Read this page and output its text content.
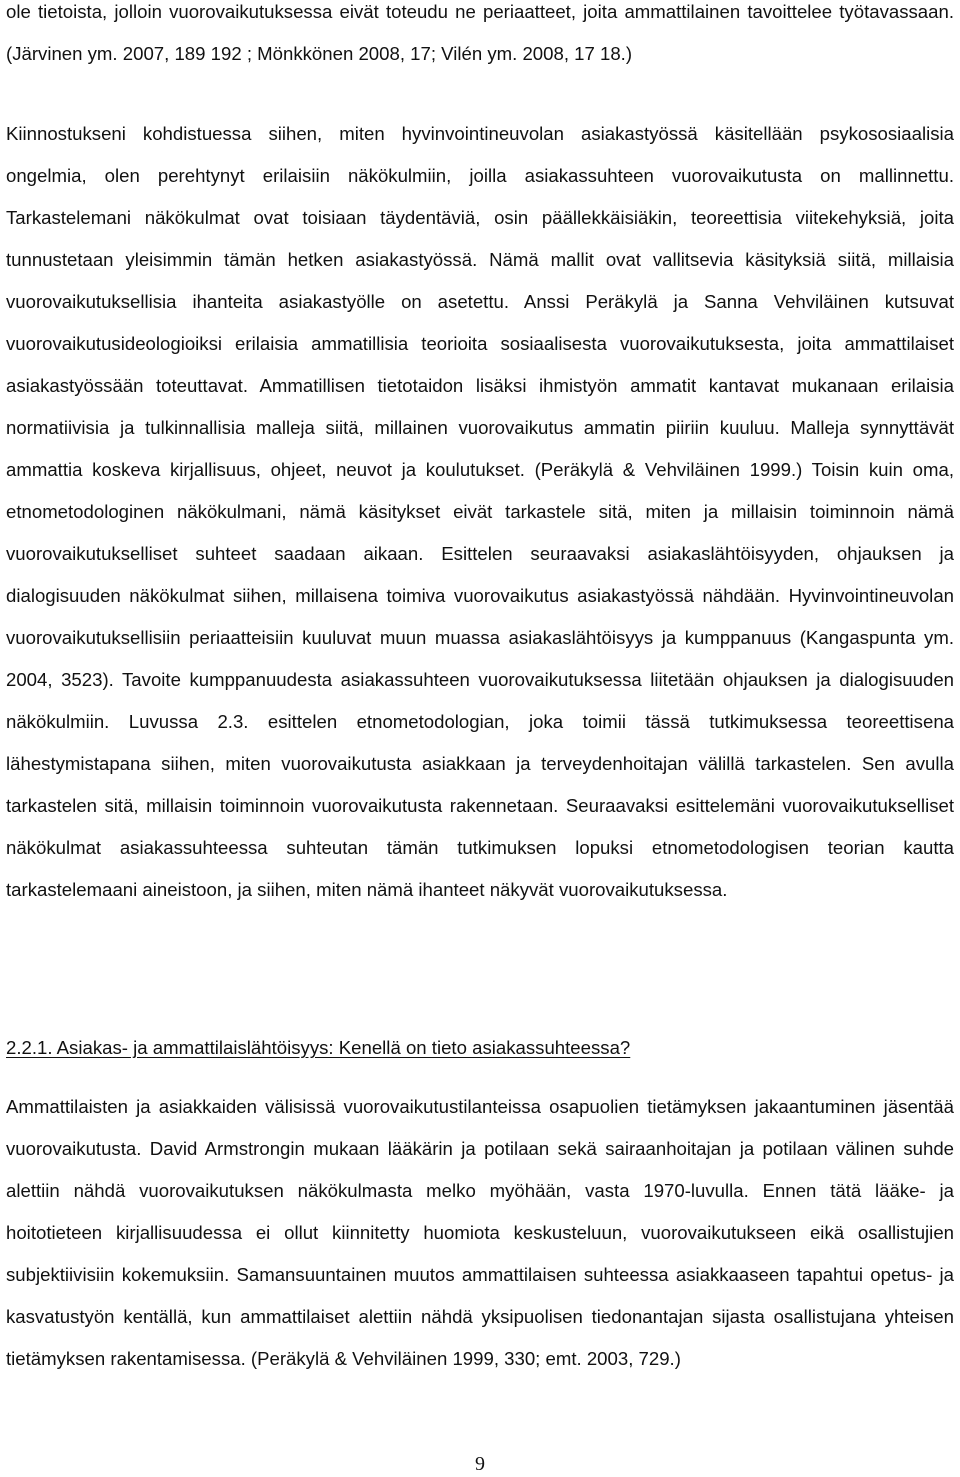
ole tietoista, jolloin vuorovaikutuksessa eivät toteudu ne periaatteet, joita ammattilainen tavoittelee työtavassaan. (Järvinen ym. 2007, 189 192 ; Mönkkönen 2008, 17; Vilén ym. 2008, 17 18.)

Kiinnostukseni kohdistuessa siihen, miten hyvinvointineuvolan asiakastyössä käsitellään psykososiaalisia ongelmia, olen perehtynyt erilaisiin näkökulmiin, joilla asiakassuhteen vuorovaikutusta on mallinnettu. Tarkastelemani näkökulmat ovat toisiaan täydentäviä, osin päällekkäisiäkin, teoreettisia viitekehyksiä, joita tunnustetaan yleisimmin tämän hetken asiakastyössä. Nämä mallit ovat vallitsevia käsityksiä siitä, millaisia vuorovaikutuksellisia ihanteita asiakastyölle on asetettu. Anssi Peräkylä ja Sanna Vehviläinen kutsuvat vuorovaikutusideologioiksi erilaisia ammatillisia teorioita sosiaalisesta vuorovaikutuksesta, joita ammattilaiset asiakastyössään toteuttavat. Ammatillisen tietotaidon lisäksi ihmistyön ammatit kantavat mukanaan erilaisia normatiivisia ja tulkinnallisia malleja siitä, millainen vuorovaikutus ammatin piiriin kuuluu. Malleja synnyttävät ammattia koskeva kirjallisuus, ohjeet, neuvot ja koulutukset. (Peräkylä & Vehviläinen 1999.) Toisin kuin oma, etnometodologinen näkökulmani, nämä käsitykset eivät tarkastele sitä, miten ja millaisin toiminnoin nämä vuorovaikutukselliset suhteet saadaan aikaan. Esittelen seuraavaksi asiakaslähtöisyyden, ohjauksen ja dialogisuuden näkökulmat siihen, millaisena toimiva vuorovaikutus asiakastyössä nähdään. Hyvinvointineuvolan vuorovaikutuksellisiin periaatteisiin kuuluvat muun muassa asiakaslähtöisyys ja kumppanuus (Kangaspunta ym. 2004, 3523). Tavoite kumppanuudesta asiakassuhteen vuorovaikutuksessa liitetään ohjauksen ja dialogisuuden näkökulmiin. Luvussa 2.3. esittelen etnometodologian, joka toimii tässä tutkimuksessa teoreettisena lähestymistapana siihen, miten vuorovaikutusta asiakkaan ja terveydenhoitajan välillä tarkastelen. Sen avulla tarkastelen sitä, millaisin toiminnoin vuorovaikutusta rakennetaan. Seuraavaksi esittelemäni vuorovaikutukselliset näkökulmat asiakassuhteessa suhteutan tämän tutkimuksen lopuksi etnometodologisen teorian kautta tarkastelemaani aineistoon, ja siihen, miten nämä ihanteet näkyvät vuorovaikutuksessa.

2.2.1. Asiakas- ja ammattilaislähtöisyys: Kenellä on tieto asiakassuhteessa?

Ammattilaisten ja asiakkaiden välisissä vuorovaikutustilanteissa osapuolien tietämyksen jakaantuminen jäsentää vuorovaikutusta. David Armstrongin mukaan lääkärin ja potilaan sekä sairaanhoitajan ja potilaan välinen suhde alettiin nähdä vuorovaikutuksen näkökulmasta melko myöhään, vasta 1970-luvulla. Ennen tätä lääke- ja hoitotieteen kirjallisuudessa ei ollut kiinnitetty huomiota keskusteluun, vuorovaikutukseen eikä osallistujien subjektiivisiin kokemuksiin. Samansuuntainen muutos ammattilaisen suhteessa asiakkaaseen tapahtui opetus- ja kasvatustyön kentällä, kun ammattilaiset alettiin nähdä yksipuolisen tiedonantajan sijasta osallistujana yhteisen tietämyksen rakentamisessa. (Peräkylä & Vehviläinen 1999, 330; emt. 2003, 729.)

9
